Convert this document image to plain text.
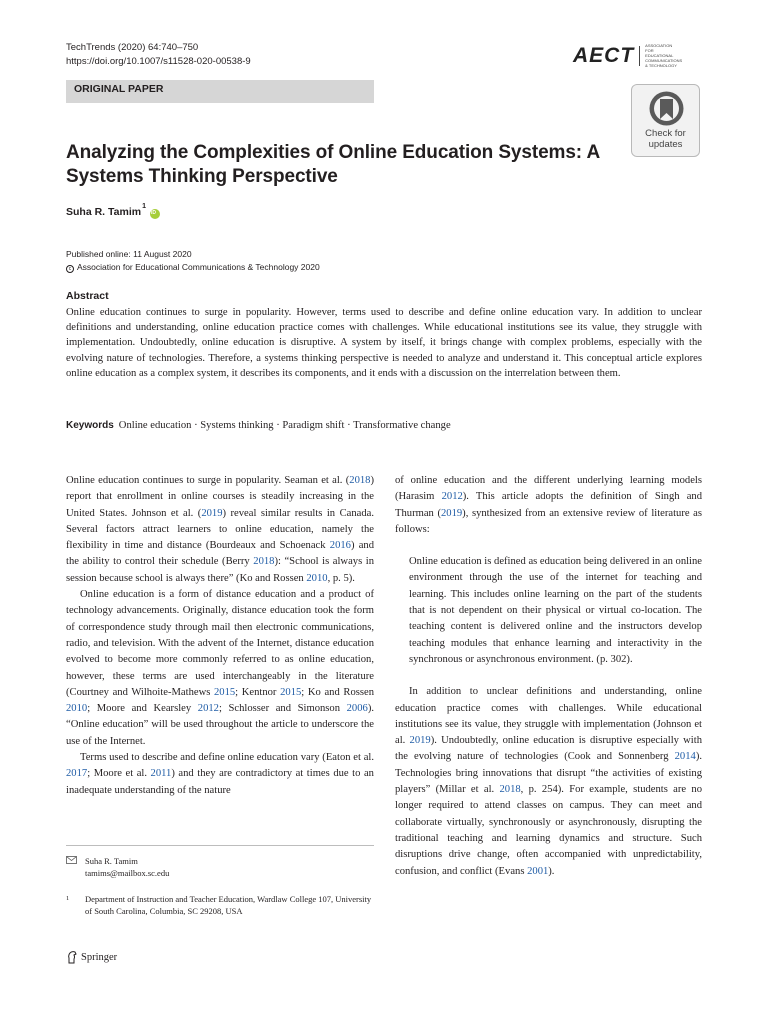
TechTrends (2020) 64:740–750
https://doi.org/10.1007/s11528-020-00538-9	AECT	ASSOCIATION FOR EDUCATIONAL COMMUNICATIONS & TECHNOLOGY
ORIGINAL PAPER
Check for updates
Analyzing the Complexities of Online Education Systems: A Systems Thinking Perspective
Suha R. Tamim$^1$
iD
Published online: 11 August 2020
c Association for Educational Communications & Technology 2020
Abstract
Online education continues to surge in popularity. However, terms used to describe and define online education vary. In addition to unclear definitions and understanding, online education practice comes with challenges. While educational institutions see its value, they struggle with implementation. Undoubtedly, online education is disruptive. A system by itself, it brings change with complex problems, especially with the evolving nature of technologies. Therefore, a systems thinking perspective is needed to analyze and understand it. This conceptual article explores online education as a complex system, it describes its components, and it ends with a discussion on the interrelation between them.
Keywords Online education · Systems thinking · Paradigm shift · Transformative change

Online education continues to surge in popularity. Seaman et al. (2018) report that enrollment in online courses is steadily increasing in the United States. Johnson et al. (2019) reveal similar results in Canada. Several factors attract learners to online education, namely the flexibility in time and distance (Bourdeaux and Schoenack 2016) and the ability to control their schedule (Berry 2018): “School is always in session because school is always there” (Ko and Rossen 2010, p. 5).

Online education is a form of distance education and a product of technology advancements. Originally, distance education took the form of correspondence study through mail then electronic communications, radio, and television. With the advent of the Internet, distance education evolved to become more commonly referred to as online education, however, these terms are used interchangeably in the literature (Courtney and Wilhoite-Mathews 2015; Kentnor 2015; Ko and Rossen 2010; Moore and Kearsley 2012; Schlosser and Simonson 2006). “Online education” will be used throughout the article to underscore the use of the Internet.

Terms used to describe and define online education vary (Eaton et al. 2017; Moore et al. 2011) and they are contradictory at times due to an inadequate understanding of the nature

of online education and the different underlying learning models (Harasim 2012). This article adopts the definition of Singh and Thurman (2019), synthesized from an extensive review of literature as follows:

Online education is defined as education being delivered in an online environment through the use of the internet for teaching and learning. This includes online learning on the part of the students that is not dependent on their physical or virtual co-location. The teaching content is delivered online and the instructors develop teaching modules that enhance learning and interactivity in the synchronous or asynchronous environment. (p. 302).

In addition to unclear definitions and understanding, online education practice comes with challenges. While educational institutions see its value, they struggle with implementation (Johnson et al. 2019). Undoubtedly, online education is disruptive especially with the evolving nature of technologies (Cook and Sonnenberg 2014). Technologies bring innovations that disrupt “the activities of existing players” (Millar et al. 2018, p. 254). For example, students are no longer required to attend classes on campus. They can meet and collaborate virtually, synchronously or asynchronously, disrupting the traditional teaching and learning dynamics and structure. Such disruptions drive change, often accompanied with unpredictability, confusion, and conflict (Evans 2001).

Suha R. Tamim
tamims@mailbox.sc.edu
1	Department of Instruction and Teacher Education, Wardlaw College 107, University of South Carolina, Columbia, SC 29208, USA
Springer
